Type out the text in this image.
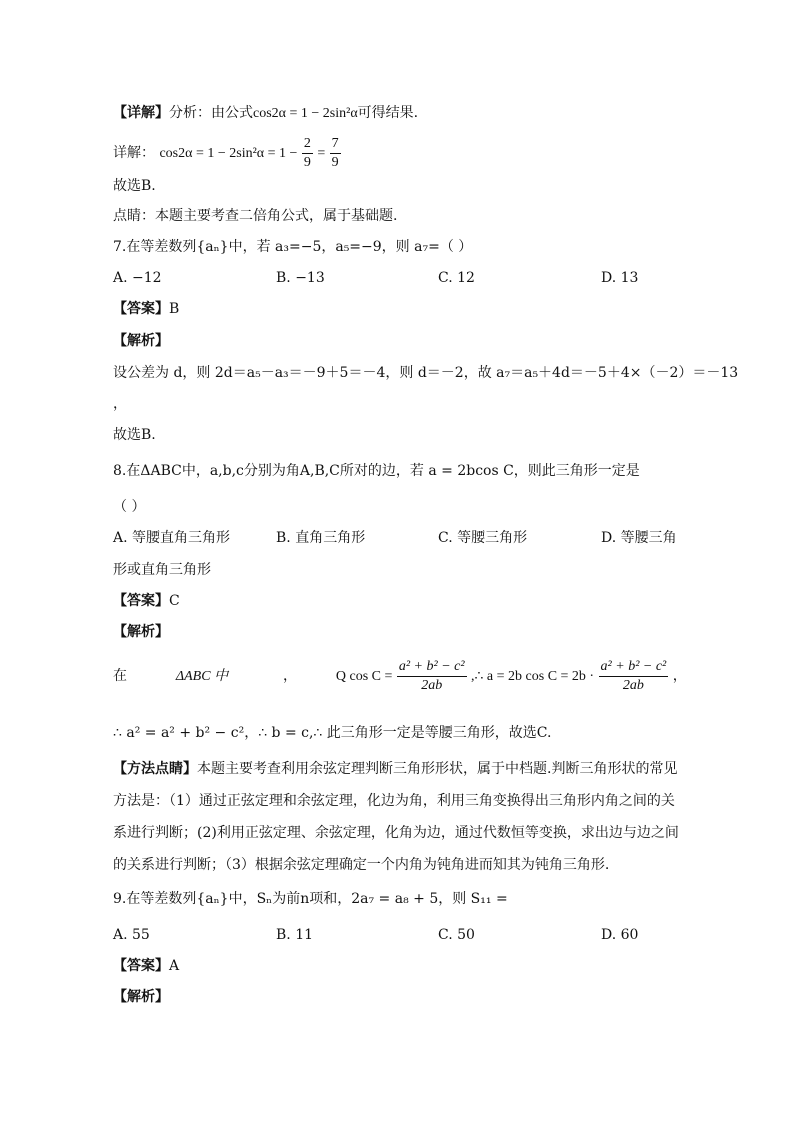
【详解】分析：由公式cos2α = 1 − 2sin²α可得结果.
详解： $\cos 2\alpha = 1 - 2\sin^2\alpha = 1 - \frac{2}{9} = \frac{7}{9}$
故选B.
点睛：本题主要考查二倍角公式，属于基础题.
7.在等差数列{aₙ}中，若 a₃=−5，a₅=−9，则 a₇=（ ）
A. −12	B. −13	C. 12	D. 13
【答案】B
【解析】
设公差为 d，则 2d＝a₅－a₃＝－9＋5＝－4，则 d＝－2，故 a₇＝a₅＋4d＝－5＋4×（－2）＝－13
，
故选B.
8.在ΔABC中，a,b,c分别为角A,B,C所对的边，若 a = 2bcos C，则此三角形一定是
（ ）
A. 等腰直角三角形	B. 直角三角形	C. 等腰三角形	D. 等腰三角
形或直角三角形
【答案】C
【解析】
在	ΔABC 中	，	Q $\cos C = \frac{\text{a² + b² − c²}}{2ab}$ ,∴ a = 2b $\cos C = 2b \cdot \frac{\text{a² + b² − c²}}{2ab}$ ，
∴ a² = a² + b² − c²，∴ b = c,∴ 此三角形一定是等腰三角形，故选C.
【方法点睛】本题主要考查利用余弦定理判断三角形形状，属于中档题.判断三角形状的常见
方法是：（1）通过正弦定理和余弦定理，化边为角，利用三角变换得出三角形内角之间的关
系进行判断；(2)利用正弦定理、余弦定理，化角为边，通过代数恒等变换，求出边与边之间
的关系进行判断；（3）根据余弦定理确定一个内角为钝角进而知其为钝角三角形.
9.在等差数列{aₙ}中，Sₙ为前n项和，2a₇ = a₈ + 5，则 S₁₁ =
A. 55	B. 11	C. 50	D. 60
【答案】A
【解析】
